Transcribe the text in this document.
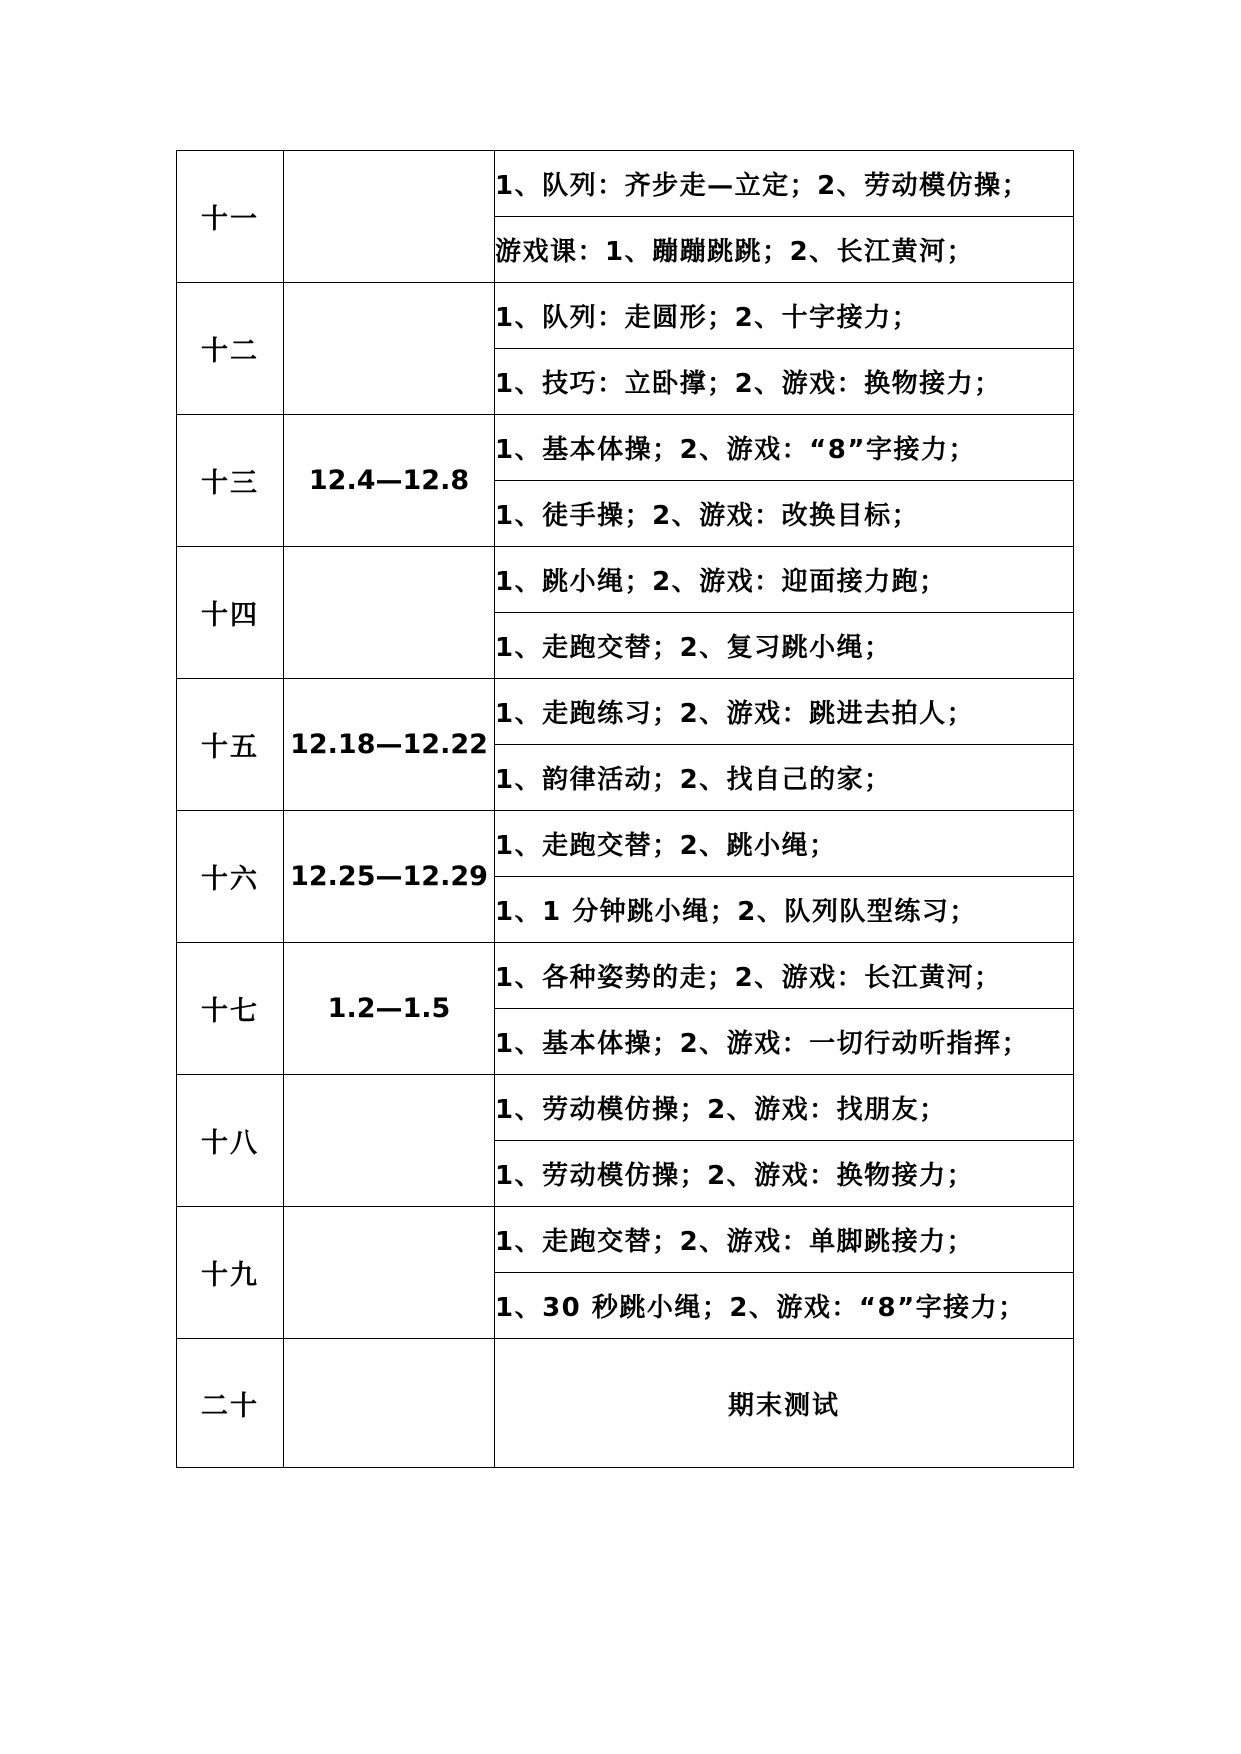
十一		1、队列：齐步走—立定；2、劳动模仿操；
		游戏课：1、蹦蹦跳跳；2、长江黄河；
十二		1、队列：走圆形；2、十字接力；
		1、技巧：立卧撑；2、游戏：换物接力；
十三	12.4—12.8	1、基本体操；2、游戏：“8”字接力；
		1、徒手操；2、游戏：改换目标；
十四		1、跳小绳；2、游戏：迎面接力跑；
		1、走跑交替；2、复习跳小绳；
十五	12.18—12.22	1、走跑练习；2、游戏：跳进去拍人；
		1、韵律活动；2、找自己的家；
十六	12.25—12.29	1、走跑交替；2、跳小绳；
		1、1 分钟跳小绳；2、队列队型练习；
十七	1.2—1.5	1、各种姿势的走；2、游戏：长江黄河；
		1、基本体操；2、游戏：一切行动听指挥；
十八		1、劳动模仿操；2、游戏：找朋友；
		1、劳动模仿操；2、游戏：换物接力；
十九		1、走跑交替；2、游戏：单脚跳接力；
		1、30 秒跳小绳；2、游戏：“8”字接力；
二十		期末测试
